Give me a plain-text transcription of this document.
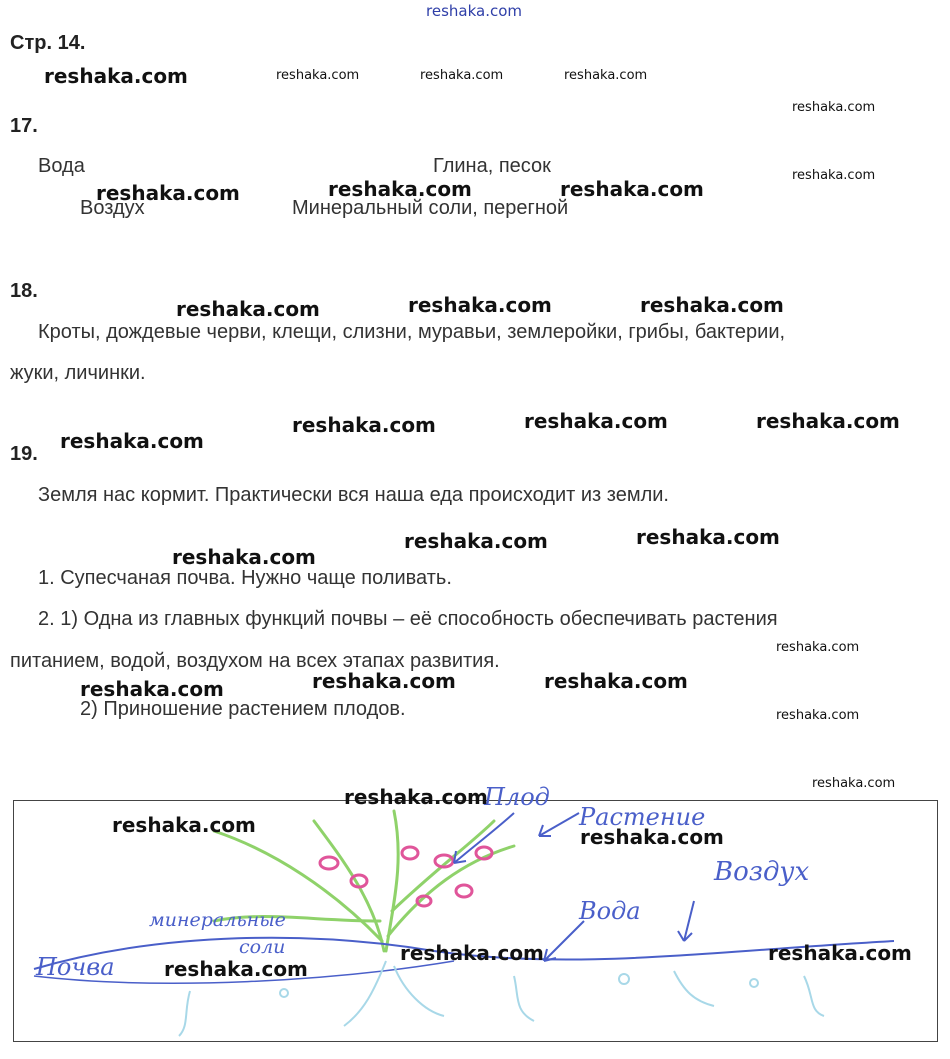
reshaka.com
Стр. 14.
17.
Вода	Глина, песок
Воздух	Минеральный соли, перегной
18.
Кроты, дождевые черви, клещи, слизни, муравьи, землеройки, грибы, бактерии,
жуки, личинки.
19.
Земля нас кормит. Практически вся наша еда происходит из земли.
1. Супесчаная почва. Нужно чаще поливать.
2. 1) Одна из главных функций почвы – её способность обеспечивать растения
питанием, водой, воздухом на всех этапах развития.
2) Приношение растением плодов.
Плод
Растение
Воздух
Вода
минеральные
соли
Почва
reshaka.com
reshaka.com	reshaka.com	reshaka.com
reshaka.com	reshaka.com	reshaka.com
reshaka.com
reshaka.com	reshaka.com	reshaka.com
reshaka.com
reshaka.com	reshaka.com
reshaka.com	reshaka.com	reshaka.com
reshaka.com
reshaka.com	reshaka.com
reshaka.com
reshaka.com
reshaka.com
reshaka.com	reshaka.com	reshaka.com
reshaka.com
reshaka.com
reshaka.com
reshaka.com
reshaka.com
